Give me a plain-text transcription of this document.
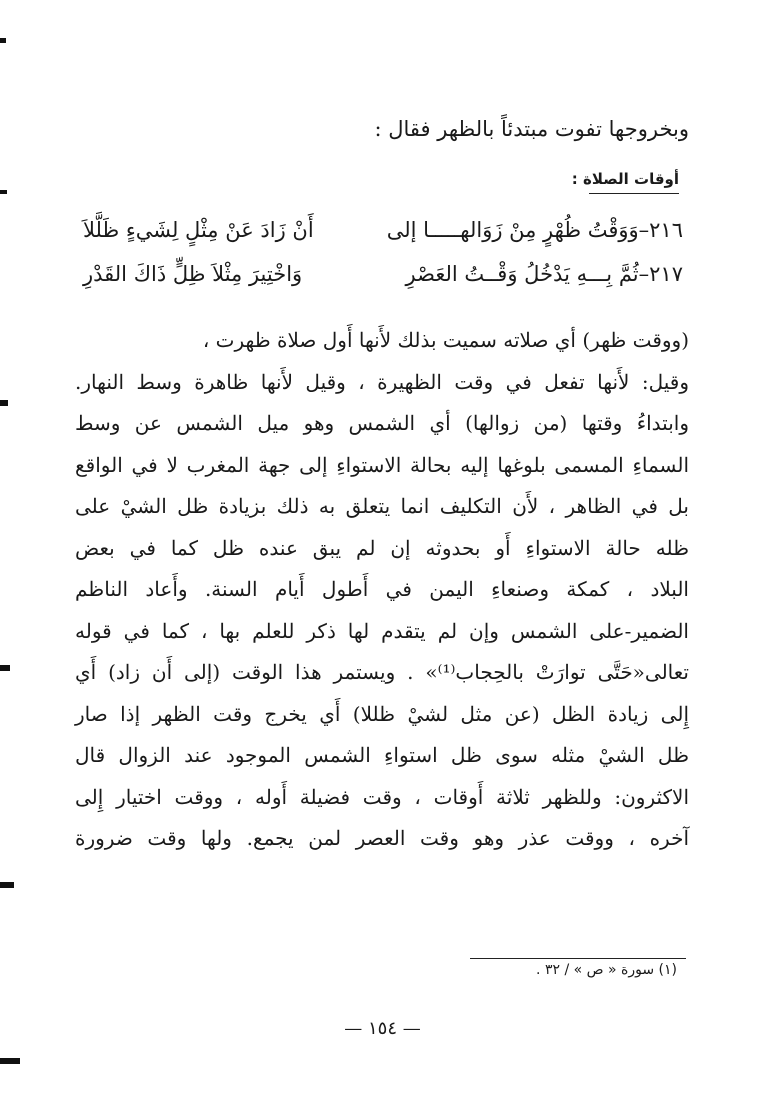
وبخروجها تفوت مبتدئاً بالظهر فقال :
أوقات الصلاة :
٢١٦–وَوَقْتُ ظُهْرٍ مِنْ زَوَالهـــــا إلى
أَنْ زَادَ عَنْ مِثْلٍ لِشَيءٍ ظَلَّلاَ
٢١٧–ثُمَّ بِـــهِ يَدْخُلُ وَقْــتُ العَصْرِ
وَاخْتِيرَ مِثْلاَ ظِلٍّ ذَاكَ القَدْرِ
(ووقت ظهر) أي صلاته سميت بذلك لأَنها أَول صلاة ظهرت ،
وقيل: لأَنها تفعل في وقت الظهيرة ، وقيل لأَنها ظاهرة وسط النهار.
وابتداءُ وقتها (من زوالها) أي الشمس وهو ميل الشمس عن وسط
السماءِ المسمى بلوغها إليه بحالة الاستواءِ إلى جهة المغرب لا في الواقع
بل في الظاهر ، لأَن التكليف انما يتعلق به ذلك بزيادة ظل الشيْ على
ظله حالة الاستواءِ أَو بحدوثه إن لم يبق عنده ظل كما في بعض
البلاد ، كمكة وصنعاءِ اليمن في أَطول أَيام السنة. وأَعاد الناظم
الضمير-على الشمس وإن لم يتقدم لها ذكر للعلم بها ، كما في قوله
تعالى«حَتَّى توارَتْ بالحِجاب⁽¹⁾» . ويستمر هذا الوقت (إلى أَن زاد) أَي
إِلى زيادة الظل (عن مثل لشيْ ظللا) أَي يخرج وقت الظهر إذا صار
ظل الشيْ مثله سوى ظل استواءِ الشمس الموجود عند الزوال قال
الاكثرون: وللظهر ثلاثة أَوقات ، وقت فضيلة أَوله ، ووقت اختيار إِلى
آخره ، ووقت عذر وهو وقت العصر لمن يجمع. ولها وقت ضرورة
(١) سورة « ص » / ٣٢ .
— ١٥٤ —
